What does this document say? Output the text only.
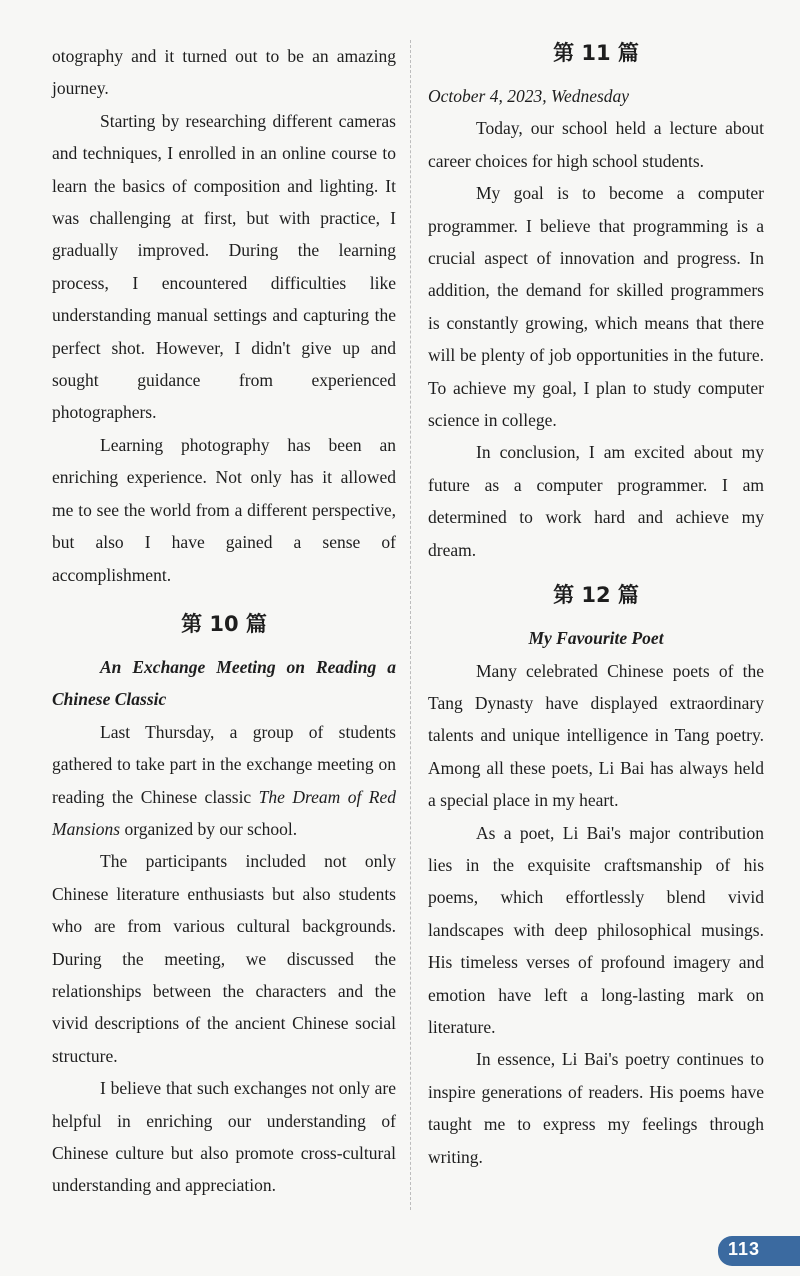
otography and it turned out to be an amazing journey.

Starting by researching different cameras and techniques, I enrolled in an online course to learn the basics of composition and lighting. It was challenging at first, but with practice, I gradually improved. During the learning process, I encountered difficulties like understanding manual settings and capturing the perfect shot. However, I didn't give up and sought guidance from experienced photographers.

Learning photography has been an enriching experience. Not only has it allowed me to see the world from a different perspective, but also I have gained a sense of accomplishment.

第 10 篇

An Exchange Meeting on Reading a

Chinese Classic

Last Thursday, a group of students gathered to take part in the exchange meeting on reading the Chinese classic The Dream of Red Mansions organized by our school.

The participants included not only Chinese literature enthusiasts but also students who are from various cultural backgrounds. During the meeting, we discussed the relationships between the characters and the vivid descriptions of the ancient Chinese social structure.

I believe that such exchanges not only are helpful in enriching our understanding of Chinese culture but also promote cross-cultural understanding and appreciation.

第 11 篇

October 4, 2023, Wednesday

Today, our school held a lecture about career choices for high school students.

My goal is to become a computer programmer. I believe that programming is a crucial aspect of innovation and progress. In addition, the demand for skilled programmers is constantly growing, which means that there will be plenty of job opportunities in the future. To achieve my goal, I plan to study computer science in college.

In conclusion, I am excited about my future as a computer programmer. I am determined to work hard and achieve my dream.

第 12 篇

My Favourite Poet

Many celebrated Chinese poets of the Tang Dynasty have displayed extraordinary talents and unique intelligence in Tang poetry. Among all these poets, Li Bai has always held a special place in my heart.

As a poet, Li Bai's major contribution lies in the exquisite craftsmanship of his poems, which effortlessly blend vivid landscapes with deep philosophical musings. His timeless verses of profound imagery and emotion have left a long-lasting mark on literature.

In essence, Li Bai's poetry continues to inspire generations of readers. His poems have taught me to express my feelings through writing.

113
